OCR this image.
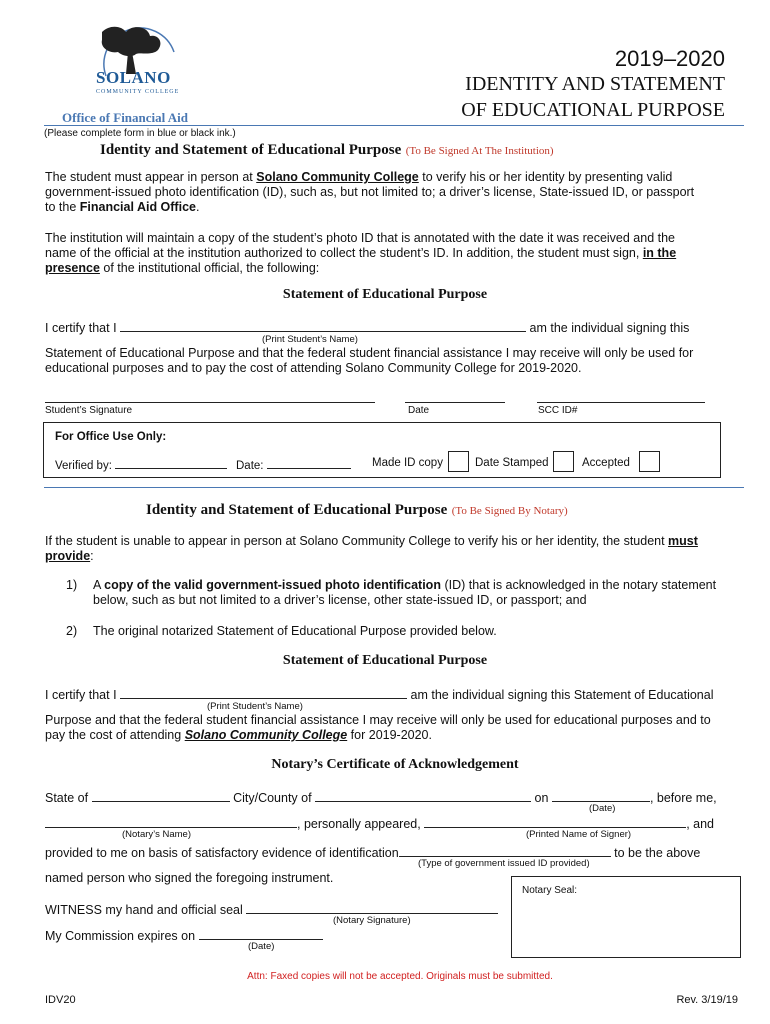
SOLANO
COMMUNITY COLLEGE
Office of Financial Aid
2019–2020
IDENTITY AND STATEMENT
OF EDUCATIONAL PURPOSE
(Please complete form in blue or black ink.)
Identity and Statement of Educational Purpose (To Be Signed At The Institution)
The student must appear in person at Solano Community College to verify his or her identity by presenting valid government-issued photo identification (ID), such as, but not limited to; a driver’s license, State-issued ID, or passport to the Financial Aid Office.
The institution will maintain a copy of the student’s photo ID that is annotated with the date it was received and the name of the official at the institution authorized to collect the student’s ID. In addition, the student must sign, in the presence of the institutional official, the following:
Statement of Educational Purpose
I certify that I	am the individual signing this
(Print Student’s Name)
Statement of Educational Purpose and that the federal student financial assistance I may receive will only be used for educational purposes and to pay the cost of attending Solano Community College for 2019-2020.
Student’s Signature	Date	SCC ID#
For Office Use Only:
Verified by:	Date:	Made ID copy	Date Stamped	Accepted
Identity and Statement of Educational Purpose (To Be Signed By Notary)
If the student is unable to appear in person at Solano Community College to verify his or her identity, the student must provide:
1) A copy of the valid government-issued photo identification (ID) that is acknowledged in the notary statement below, such as but not limited to a driver’s license, other state-issued ID, or passport; and
2) The original notarized Statement of Educational Purpose provided below.
Statement of Educational Purpose
I certify that I	am the individual signing this Statement of Educational
(Print Student’s Name)
Purpose and that the federal student financial assistance I may receive will only be used for educational purposes and to pay the cost of attending Solano Community College for 2019-2020.
Notary’s Certificate of Acknowledgement
State of	City/County of	on	, before me,
(Date)
, personally appeared,	, and
(Notary’s Name)	(Printed Name of Signer)
provided to me on basis of satisfactory evidence of identification	to be the above
(Type of government issued ID provided)
named person who signed the foregoing instrument.
WITNESS my hand and official seal
(Notary Signature)
My Commission expires on
(Date)
Notary Seal:
Attn: Faxed copies will not be accepted. Originals must be submitted.
IDV20	Rev. 3/19/19
